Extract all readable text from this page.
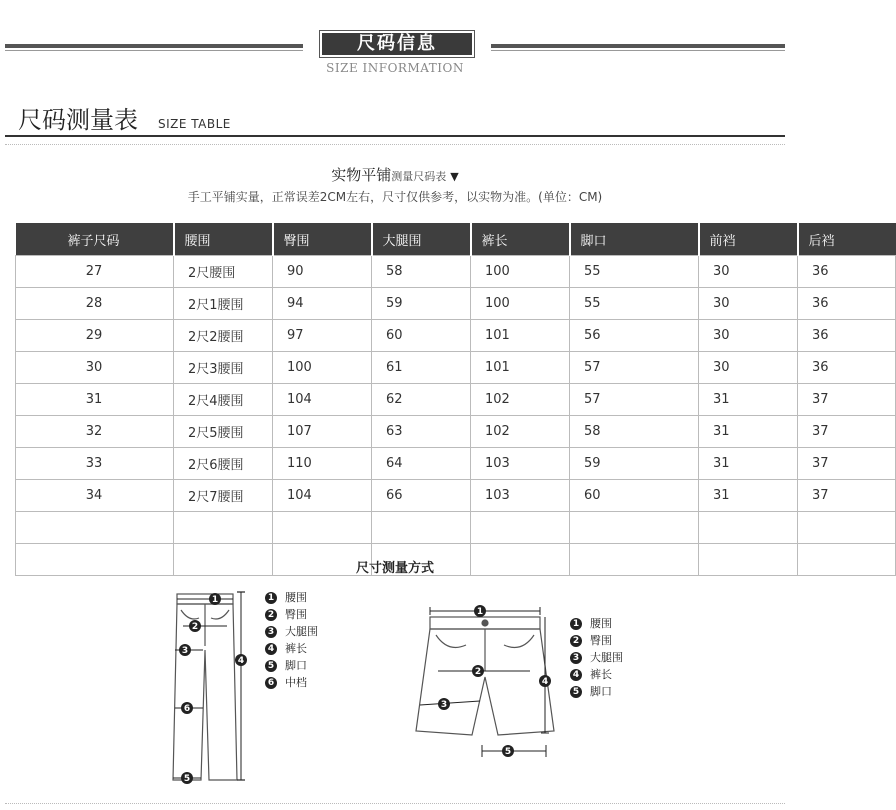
尺码信息
SIZE INFORMATION
尺码测量表 SIZE TABLE
实物平铺测量尺码表 ▼
手工平铺实量，正常误差2CM左右，尺寸仅供参考，以实物为准。(单位：CM)
裤子尺码	腰围	臀围	大腿围	裤长	脚口	前裆	后裆
27	2尺腰围	90	58	100	55	30	36
28	2尺1腰围	94	59	100	55	30	36
29	2尺2腰围	97	60	101	56	30	36
30	2尺3腰围	100	61	101	57	30	36
31	2尺4腰围	104	62	102	57	31	37
32	2尺5腰围	107	63	102	58	31	37
33	2尺6腰围	110	64	103	59	31	37
34	2尺7腰围	104	66	103	60	31	37

尺寸测量方式
1
2
3
4
6
5
1 腰围
2 臀围
3 大腿围
4 裤长
5 脚口
6 中档
1
2
3
4
5
1 腰围
2 臀围
3 大腿围
4 裤长
5 脚口
